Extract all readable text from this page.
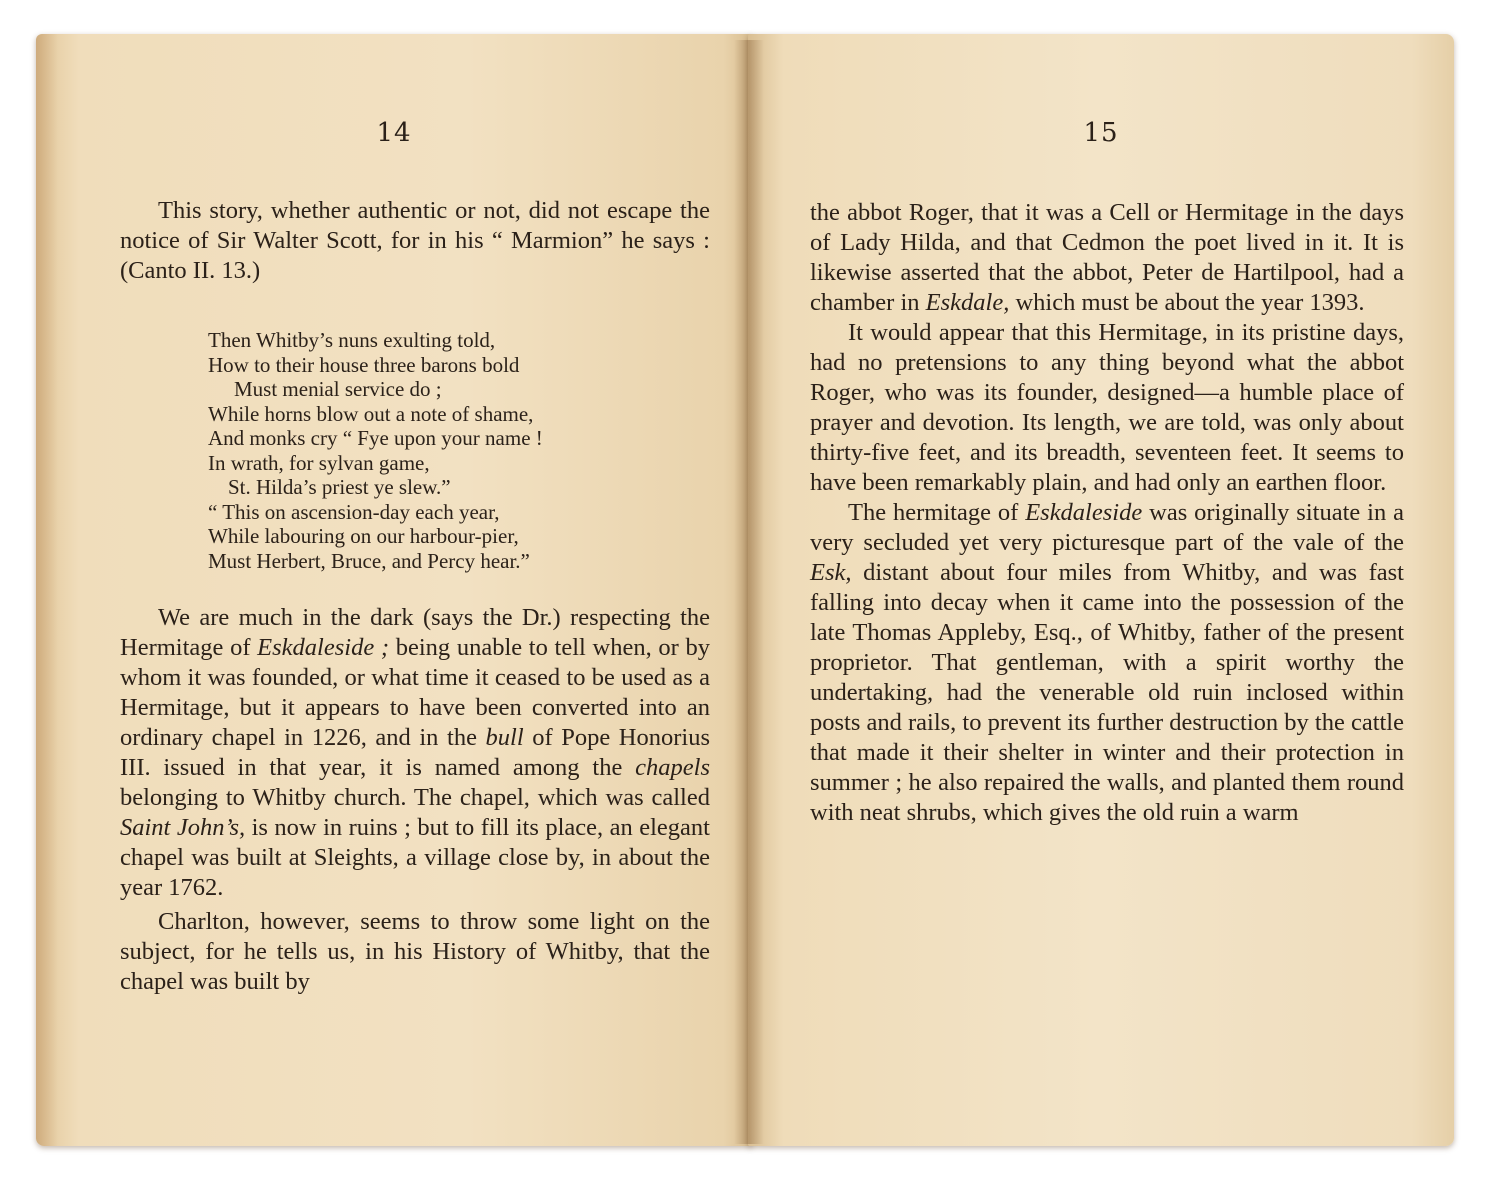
14

This story, whether authentic or not, did not escape the notice of Sir Walter Scott, for in his “ Marmion” he says : (Canto II. 13.)

Then Whitby’s nuns exulting told,
How to their house three barons bold
Must menial service do ;
While horns blow out a note of shame,
And monks cry “ Fye upon your name !
In wrath, for sylvan game,
St. Hilda’s priest ye slew.”
“ This on ascension-day each year,
While labouring on our harbour-pier,
Must Herbert, Bruce, and Percy hear.”

We are much in the dark (says the Dr.) respecting the Hermitage of Eskdaleside ; being unable to tell when, or by whom it was founded, or what time it ceased to be used as a Hermitage, but it appears to have been converted into an ordinary chapel in 1226, and in the bull of Pope Honorius III. issued in that year, it is named among the chapels belonging to Whitby church. The chapel, which was called Saint John’s, is now in ruins ; but to fill its place, an elegant chapel was built at Sleights, a village close by, in about the year 1762.

Charlton, however, seems to throw some light on the subject, for he tells us, in his History of Whitby, that the chapel was built by

15

the abbot Roger, that it was a Cell or Hermitage in the days of Lady Hilda, and that Cedmon the poet lived in it. It is likewise asserted that the abbot, Peter de Hartilpool, had a chamber in Eskdale, which must be about the year 1393.

It would appear that this Hermitage, in its pristine days, had no pretensions to any thing beyond what the abbot Roger, who was its founder, designed—a humble place of prayer and devotion. Its length, we are told, was only about thirty-five feet, and its breadth, seventeen feet. It seems to have been remarkably plain, and had only an earthen floor.

The hermitage of Eskdaleside was originally situate in a very secluded yet very picturesque part of the vale of the Esk, distant about four miles from Whitby, and was fast falling into decay when it came into the possession of the late Thomas Appleby, Esq., of Whitby, father of the present proprietor. That gentleman, with a spirit worthy the undertaking, had the venerable old ruin inclosed within posts and rails, to prevent its further destruction by the cattle that made it their shelter in winter and their protection in summer ; he also repaired the walls, and planted them round with neat shrubs, which gives the old ruin a warm
